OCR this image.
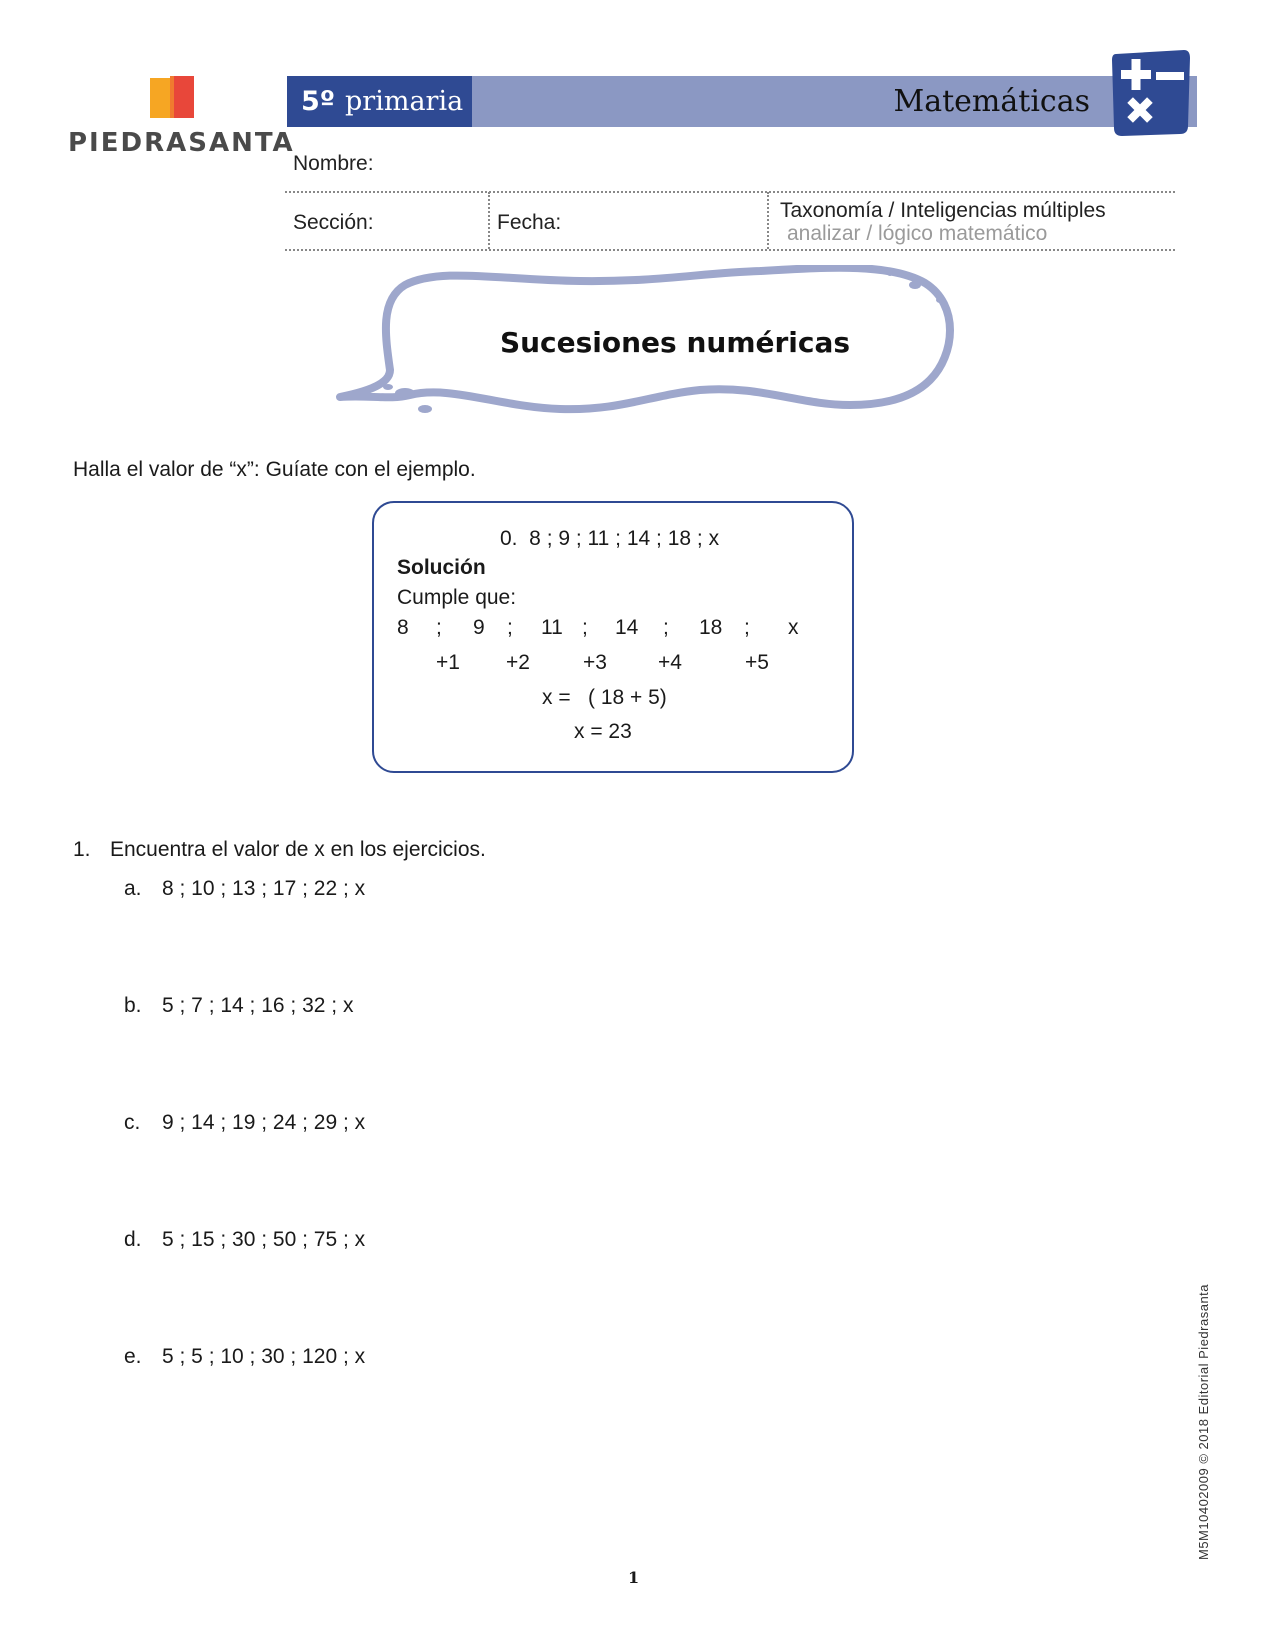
PIEDRASANTA
5º primaria	Matemáticas
Nombre:
Sección:	Fecha:
Taxonomía / Inteligencias múltiples
analizar / lógico matemático
Sucesiones numéricas
Halla el valor de “x”: Guíate con el ejemplo.
0.  8 ; 9 ; 11 ; 14 ; 18 ; x
Solución
Cumple que:
8 ; 9 ; 11 ; 14 ; 18 ; x
+1 +2	+3 +4	+5
x = ( 18 + 5)
x = 23
1. Encuentra el valor de x en los ejercicios.
a. 8 ; 10 ; 13 ; 17 ; 22 ; x
b. 5 ; 7 ; 14 ; 16 ; 32 ; x
c. 9 ; 14 ; 19 ; 24 ; 29 ; x
d. 5 ; 15 ; 30 ; 50 ; 75 ; x
e. 5 ; 5 ; 10 ; 30 ; 120 ; x	M5M10402009 © 2018 Editorial Piedrasanta
1
